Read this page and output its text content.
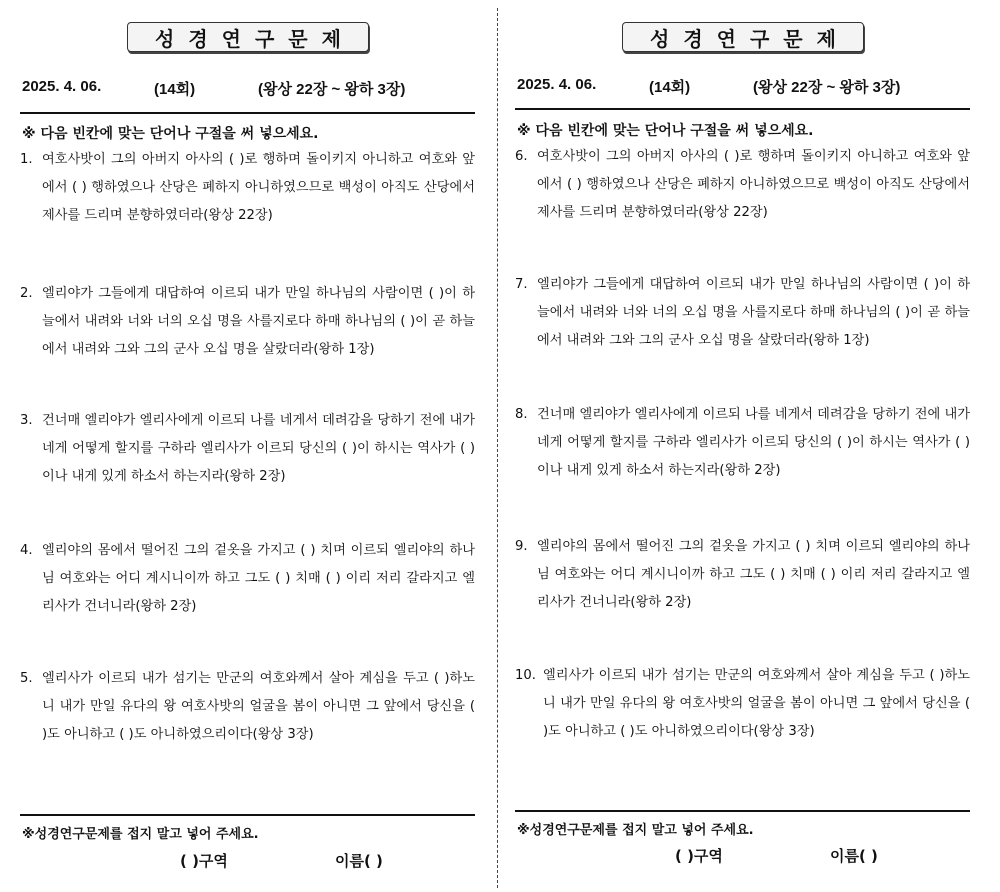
성경연구문제
2025. 4. 06.	(14회)	(왕상 22장 ~ 왕하 3장)
※ 다음 빈칸에 맞는 단어나 구절을 써 넣으세요.
1. 여호사밧이 그의 아버지 아사의 ( )로 행하며 돌이키지 아니하고 여호와 앞에서 ( ) 행하였으나 산당은 폐하지 아니하였으므로 백성이 아직도 산당에서 제사를 드리며 분향하였더라(왕상 22장)
2. 엘리야가 그들에게 대답하여 이르되 내가 만일 하나님의 사람이면 ( )이 하늘에서 내려와 너와 너의 오십 명을 사를지로다 하매 하나님의 ( )이 곧 하늘에서 내려와 그와 그의 군사 오십 명을 살랐더라(왕하 1장)
3. 건너매 엘리야가 엘리사에게 이르되 나를 네게서 데려감을 당하기 전에 내가 네게 어떻게 할지를 구하라 엘리사가 이르되 당신의 ( )이 하시는 역사가 ( )이나 내게 있게 하소서 하는지라(왕하 2장)
4. 엘리야의 몸에서 떨어진 그의 겉옷을 가지고 ( ) 치며 이르되 엘리야의 하나님 여호와는 어디 계시니이까 하고 그도 ( ) 치매 ( ) 이리 저리 갈라지고 엘리사가 건너니라(왕하 2장)
5. 엘리사가 이르되 내가 섬기는 만군의 여호와께서 살아 계심을 두고 ( )하노니 내가 만일 유다의 왕 여호사밧의 얼굴을 봄이 아니면 그 앞에서 당신을 ( )도 아니하고 ( )도 아니하였으리이다(왕상 3장)
※성경연구문제를 접지 말고 넣어 주세요.
( )구역	이름( )
성경연구문제
2025. 4. 06.	(14회)	(왕상 22장 ~ 왕하 3장)
※ 다음 빈칸에 맞는 단어나 구절을 써 넣으세요.
6. 여호사밧이 그의 아버지 아사의 ( )로 행하며 돌이키지 아니하고 여호와 앞에서 ( ) 행하였으나 산당은 폐하지 아니하였으므로 백성이 아직도 산당에서 제사를 드리며 분향하였더라(왕상 22장)
7. 엘리야가 그들에게 대답하여 이르되 내가 만일 하나님의 사람이면 ( )이 하늘에서 내려와 너와 너의 오십 명을 사를지로다 하매 하나님의 ( )이 곧 하늘에서 내려와 그와 그의 군사 오십 명을 살랐더라(왕하 1장)
8. 건너매 엘리야가 엘리사에게 이르되 나를 네게서 데려감을 당하기 전에 내가 네게 어떻게 할지를 구하라 엘리사가 이르되 당신의 ( )이 하시는 역사가 ( )이나 내게 있게 하소서 하는지라(왕하 2장)
9. 엘리야의 몸에서 떨어진 그의 겉옷을 가지고 ( ) 치며 이르되 엘리야의 하나님 여호와는 어디 계시니이까 하고 그도 ( ) 치매 ( ) 이리 저리 갈라지고 엘리사가 건너니라(왕하 2장)
10. 엘리사가 이르되 내가 섬기는 만군의 여호와께서 살아 계심을 두고 ( )하노니 내가 만일 유다의 왕 여호사밧의 얼굴을 봄이 아니면 그 앞에서 당신을 ( )도 아니하고 ( )도 아니하였으리이다(왕상 3장)
※성경연구문제를 접지 말고 넣어 주세요.
( )구역	이름( )
